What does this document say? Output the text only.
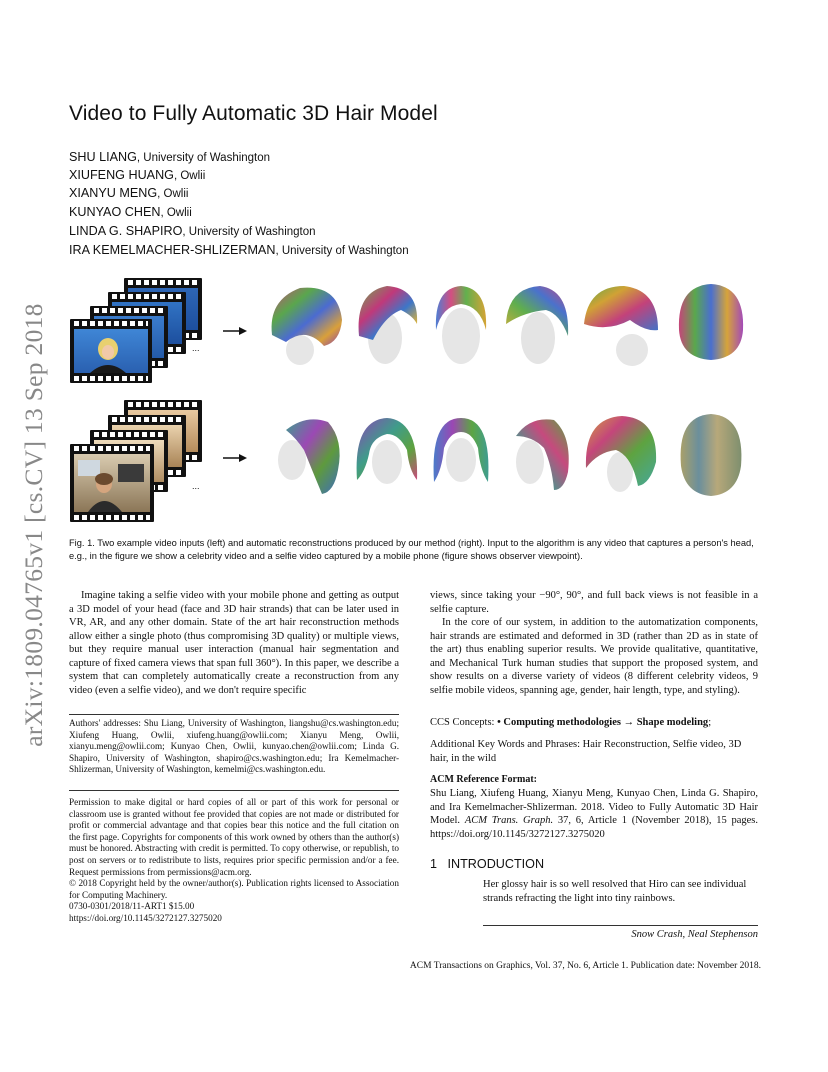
Video to Fully Automatic 3D Hair Model
SHU LIANG, University of Washington
XIUFENG HUANG, Owlii
XIANYU MENG, Owlii
KUNYAO CHEN, Owlii
LINDA G. SHAPIRO, University of Washington
IRA KEMELMACHER-SHLIZERMAN, University of Washington
arXiv:1809.04765v1 [cs.CV] 13 Sep 2018	...
...
Fig. 1. Two example video inputs (left) and automatic reconstructions produced by our method (right). Input to the algorithm is any video that captures a person's head, e.g., in the figure we show a celebrity video and a selfie video captured by a mobile phone (figure shows observer viewpoint).

Imagine taking a selfie video with your mobile phone and getting as output a 3D model of your head (face and 3D hair strands) that can be later used in VR, AR, and any other domain. State of the art hair reconstruction methods allow either a single photo (thus compromising 3D quality) or multiple views, but they require manual user interaction (manual hair segmentation and capture of fixed camera views that span full 360°). In this paper, we describe a system that can completely automatically create a reconstruction from any video (even a selfie video), and we don't require specific

Authors' addresses: Shu Liang, University of Washington, liangshu@cs.washington.edu; Xiufeng Huang, Owlii, xiufeng.huang@owlii.com; Xianyu Meng, Owlii, xianyu.meng@owlii.com; Kunyao Chen, Owlii, kunyao.chen@owlii.com; Linda G. Shapiro, University of Washington, shapiro@cs.washington.edu; Ira Kemelmacher-Shlizerman, University of Washington, kemelmi@cs.washington.edu.

Permission to make digital or hard copies of all or part of this work for personal or classroom use is granted without fee provided that copies are not made or distributed for profit or commercial advantage and that copies bear this notice and the full citation on the first page. Copyrights for components of this work owned by others than the author(s) must be honored. Abstracting with credit is permitted. To copy otherwise, or republish, to post on servers or to redistribute to lists, requires prior specific permission and/or a fee. Request permissions from permissions@acm.org.

© 2018 Copyright held by the owner/author(s). Publication rights licensed to Association for Computing Machinery.

0730-0301/2018/11-ART1 $15.00

https://doi.org/10.1145/3272127.3275020

views, since taking your −90°, 90°, and full back views is not feasible in a selfie capture.

In the core of our system, in addition to the automatization components, hair strands are estimated and deformed in 3D (rather than 2D as in state of the art) thus enabling superior results. We provide qualitative, quantitative, and Mechanical Turk human studies that support the proposed system, and show results on a diverse variety of videos (8 different celebrity videos, 9 selfie mobile videos, spanning age, gender, hair length, type, and styling).

CCS Concepts: • Computing methodologies → Shape modeling;
Additional Key Words and Phrases: Hair Reconstruction, Selfie video, 3D hair, in the wild
ACM Reference Format:
Shu Liang, Xiufeng Huang, Xianyu Meng, Kunyao Chen, Linda G. Shapiro, and Ira Kemelmacher-Shlizerman. 2018. Video to Fully Automatic 3D Hair Model. ACM Trans. Graph. 37, 6, Article 1 (November 2018), 15 pages. https://doi.org/10.1145/3272127.3275020
1 INTRODUCTION
Her glossy hair is so well resolved that Hiro can see individual strands refracting the light into tiny rainbows.
Snow Crash, Neal Stephenson
ACM Transactions on Graphics, Vol. 37, No. 6, Article 1. Publication date: November 2018.
